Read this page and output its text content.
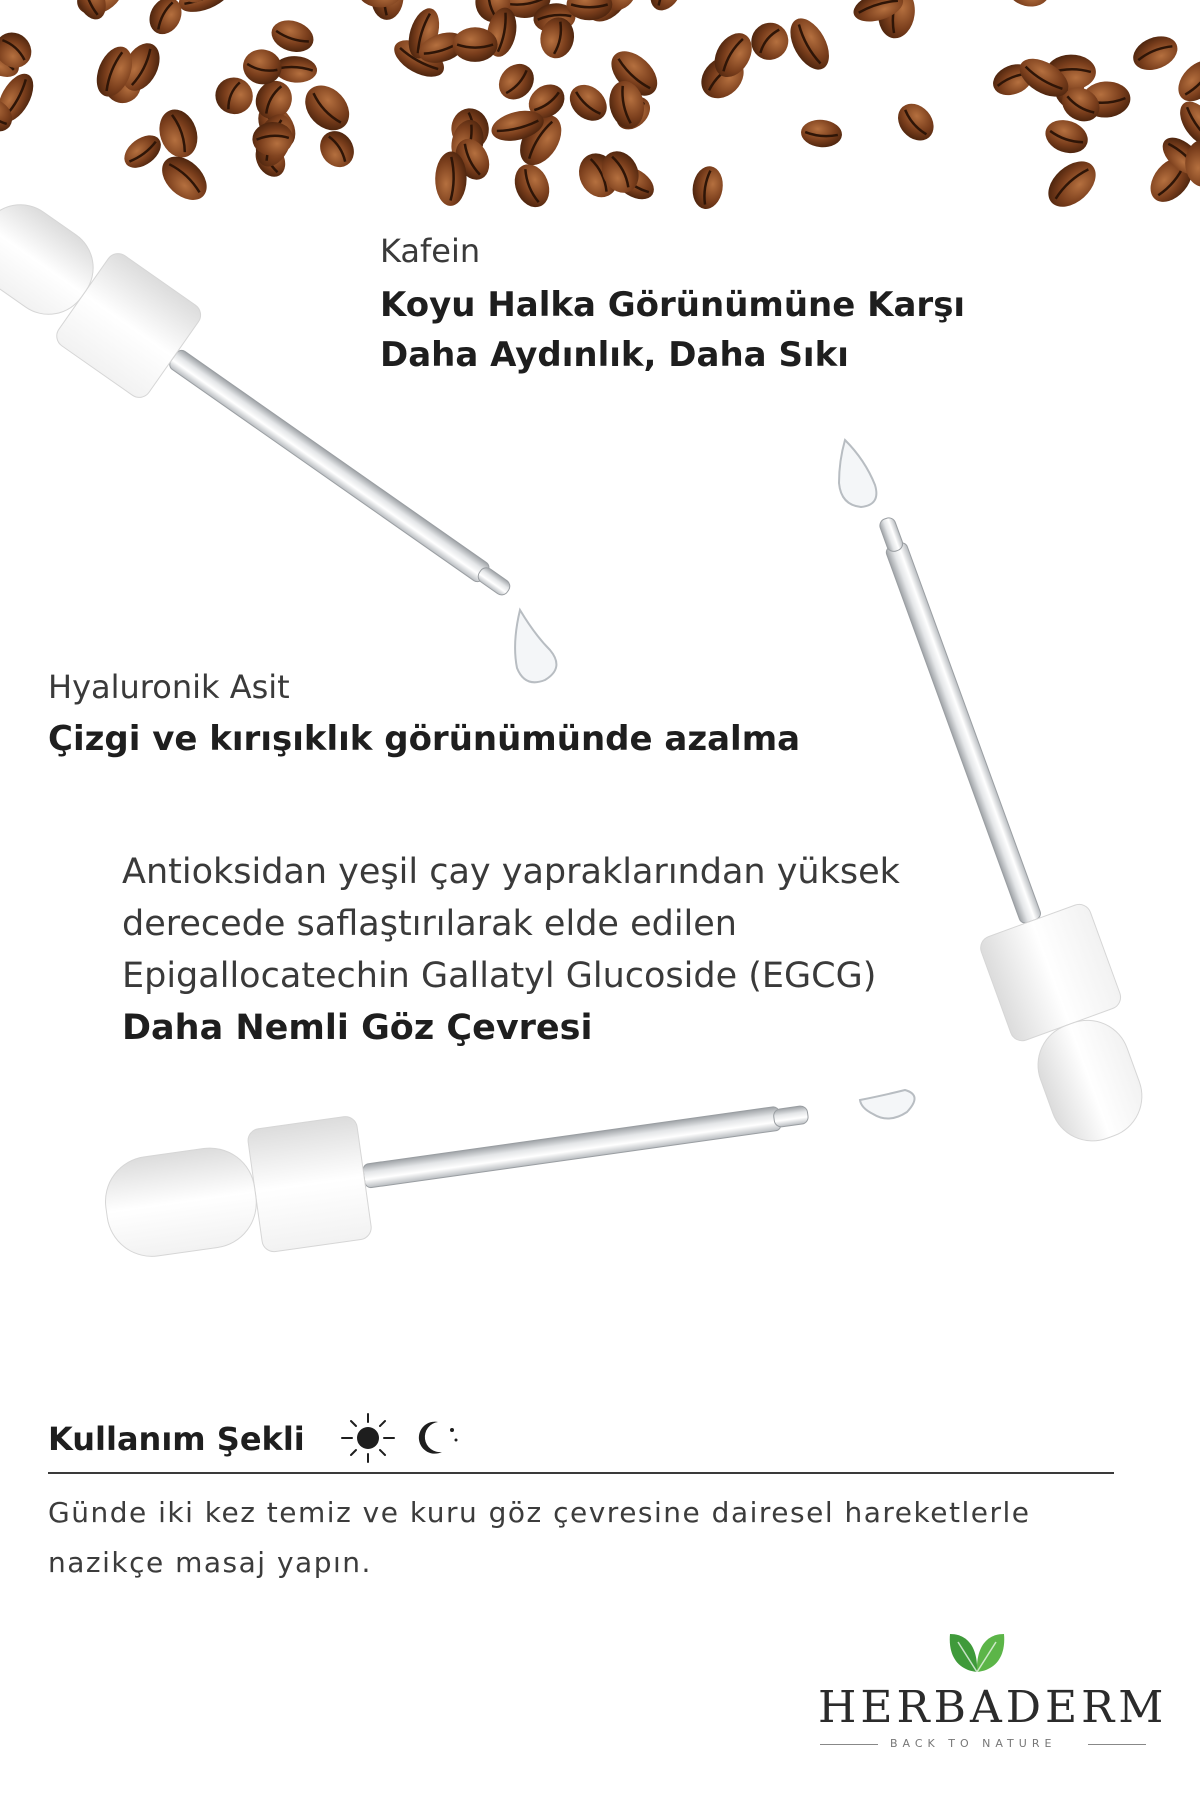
Kafein

Koyu Halka Görünümüne Karşı

Daha Aydınlık, Daha Sıkı

Hyaluronik Asit

Çizgi ve kırışıklık görünümünde azalma

Antioksidan yeşil çay yapraklarından yüksek

derecede saflaştırılarak elde edilen

Epigallocatechin Gallatyl Glucoside (EGCG)

Daha Nemli Göz Çevresi

Kullanım Şekli

Günde iki kez temiz ve kuru göz çevresine dairesel hareketlerle

nazikçe masaj yapın.

HERBADERM
BACK TO NATURE
